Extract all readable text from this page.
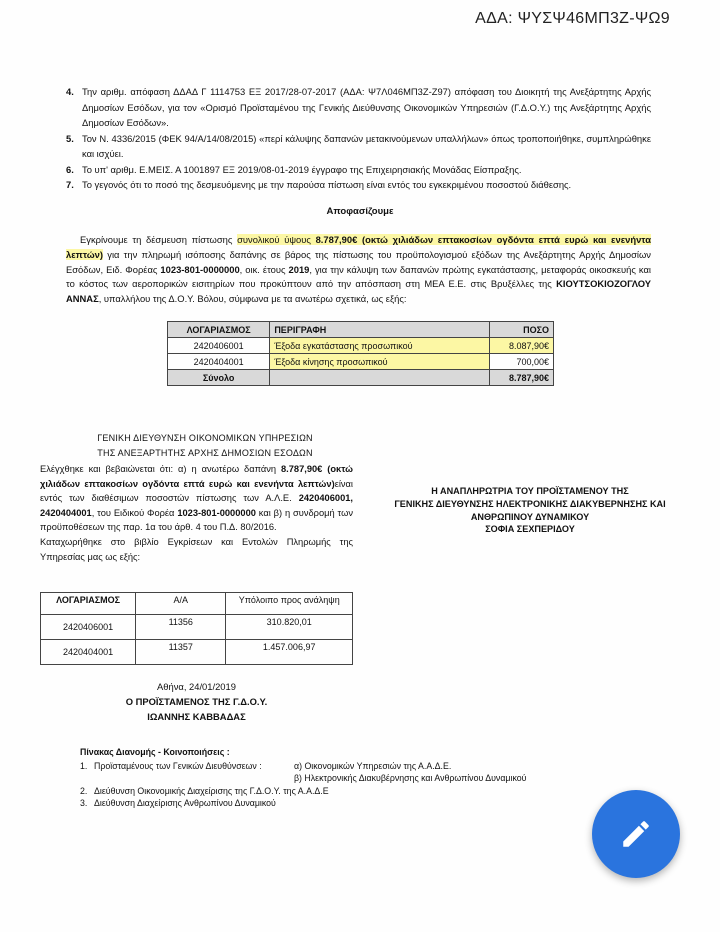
ΑΔΑ: ΨΥΣΨ46ΜΠ3Ζ-ΨΩ9
4. Την αριθμ. απόφαση ΔΔΑΔ Γ 1114753 ΕΞ 2017/28-07-2017 (ΑΔΑ: Ψ7Λ046ΜΠ3Ζ-Ζ97) απόφαση του Διοικητή της Ανεξάρτητης Αρχής Δημοσίων Εσόδων, για τον «Ορισμό Προϊσταμένου της Γενικής Διεύθυνσης Οικονομικών Υπηρεσιών (Γ.Δ.Ο.Υ.) της Ανεξάρτητης Αρχής Δημοσίων Εσόδων».
5. Τον Ν. 4336/2015 (ΦΕΚ 94/Α/14/08/2015) «περί κάλυψης δαπανών μετακινούμενων υπαλλήλων» όπως τροποποιήθηκε, συμπληρώθηκε και ισχύει.
6. Το υπ' αριθμ. Ε.ΜΕΙΣ. Α 1001897 ΕΞ 2019/08-01-2019 έγγραφο της Επιχειρησιακής Μονάδας Είσπραξης.
7. Το γεγονός ότι το ποσό της δεσμευόμενης με την παρούσα πίστωση είναι εντός του εγκεκριμένου ποσοστού διάθεσης.
Αποφασίζουμε
Εγκρίνουμε τη δέσμευση πίστωσης συνολικού ύψους 8.787,90€ (οκτώ χιλιάδων επτακοσίων ογδόντα επτά ευρώ και ενενήντα λεπτών) για την πληρωμή ισόποσης δαπάνης σε βάρος της πίστωσης του προϋπολογισμού εξόδων της Ανεξάρτητης Αρχής Δημοσίων Εσόδων, Ειδ. Φορέας 1023-801-0000000, οικ. έτους 2019, για την κάλυψη των δαπανών πρώτης εγκατάστασης, μεταφοράς οικοσκευής και το κόστος των αεροπορικών εισιτηρίων που προκύπτουν από την απόσπαση στη ΜΕΑ Ε.Ε. στις Βρυξέλλες της ΚΙΟΥΤΣΟΚΙΟΖΟΓΛΟΥ ΑΝΝΑΣ, υπαλλήλου της Δ.Ο.Υ. Βόλου, σύμφωνα με τα ανωτέρω σχετικά, ως εξής:
ΛΟΓΑΡΙΑΣΜΟΣ	ΠΕΡΙΓΡΑΦΗ	ΠΟΣΟ
2420406001	Έξοδα εγκατάστασης προσωπικού	8.087,90€
2420404001	Έξοδα κίνησης προσωπικού	700,00€
Σύνολο		8.787,90€
ΓΕΝΙΚΗ ΔΙΕΥΘΥΝΣΗ ΟΙΚΟΝΟΜΙΚΩΝ ΥΠΗΡΕΣΙΩΝ
ΤΗΣ ΑΝΕΞΑΡΤΗΤΗΣ ΑΡΧΗΣ ΔΗΜΟΣΙΩΝ ΕΣΟΔΩΝ
Ελέγχθηκε και βεβαιώνεται ότι: α) η ανωτέρω δαπάνη 8.787,90€ (οκτώ χιλιάδων επτακοσίων ογδόντα επτά ευρώ και ενενήντα λεπτών)είναι εντός των διαθέσιμων ποσοστών πίστωσης των Α.Λ.Ε. 2420406001, 2420404001, του Ειδικού Φορέα 1023-801-0000000 και β) η συνδρομή των προϋποθέσεων της παρ. 1α του άρθ. 4 του Π.Δ. 80/2016.
Καταχωρήθηκε στο βιβλίο Εγκρίσεων και Εντολών Πληρωμής της Υπηρεσίας μας ως εξής:
Η ΑΝΑΠΛΗΡΩΤΡΙΑ ΤΟΥ ΠΡΟΪΣΤΑΜΕΝΟΥ ΤΗΣ
ΓΕΝΙΚΗΣ ΔΙΕΥΘΥΝΣΗΣ ΗΛΕΚΤΡΟΝΙΚΗΣ ΔΙΑΚΥΒΕΡΝΗΣΗΣ ΚΑΙ
ΑΝΘΡΩΠΙΝΟΥ ΔΥΝΑΜΙΚΟΥ
ΣΟΦΙΑ ΣΕΧΠΕΡΙΔΟΥ
ΛΟΓΑΡΙΑΣΜΟΣ	Α/Α	Υπόλοιπο προς ανάληψη
2420406001	11356	310.820,01
2420404001	11357	1.457.006,97
Αθήνα, 24/01/2019
Ο ΠΡΟΪΣΤΑΜΕΝΟΣ ΤΗΣ Γ.Δ.Ο.Υ.
ΙΩΑΝΝΗΣ ΚΑΒΒΑΔΑΣ
Πίνακας Διανομής - Κοινοποιήσεις :
1. Προϊσταμένους των Γενικών Διευθύνσεων :	α) Οικονομικών Υπηρεσιών της Α.Α.Δ.Ε.
β) Ηλεκτρονικής Διακυβέρνησης και Ανθρωπίνου Δυναμικού
2. Διεύθυνση Οικονομικής Διαχείρισης της Γ.Δ.Ο.Υ. της Α.Α.Δ.Ε
3. Διεύθυνση Διαχείρισης Ανθρωπίνου Δυναμικού
